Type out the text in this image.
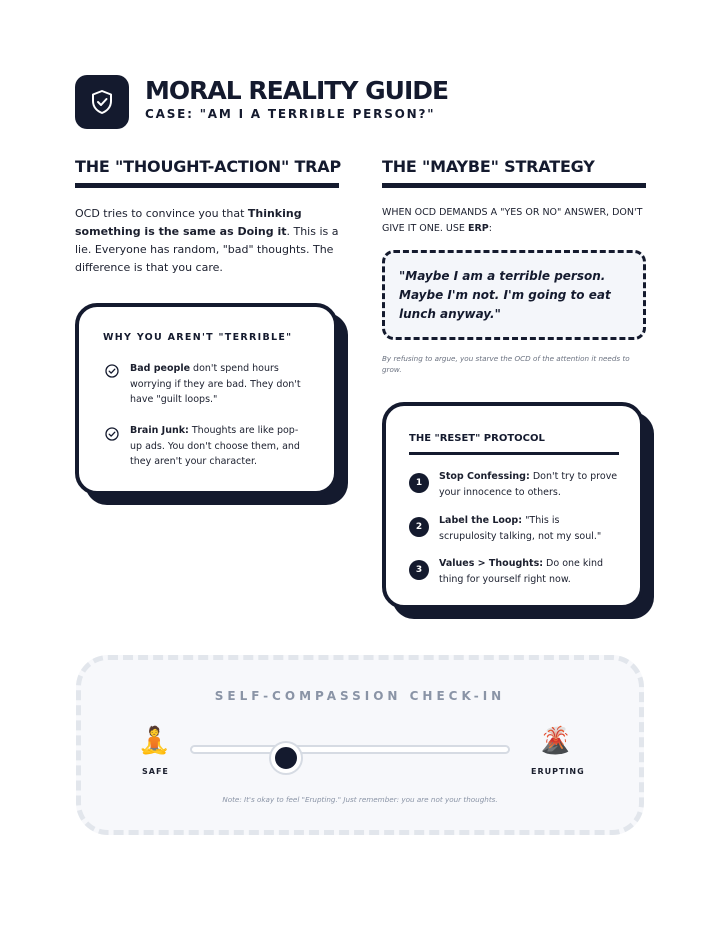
MORAL REALITY GUIDE
CASE: "AM I A TERRIBLE PERSON?"
THE "THOUGHT-ACTION" TRAP
OCD tries to convince you that Thinking something is the same as Doing it. This is a lie. Everyone has random, "bad" thoughts. The difference is that you care.
WHY YOU AREN'T "TERRIBLE"
Bad people don't spend hours worrying if they are bad. They don't have "guilt loops."
Brain Junk: Thoughts are like pop-up ads. You don't choose them, and they aren't your character.
THE "MAYBE" STRATEGY
WHEN OCD DEMANDS A "YES OR NO" ANSWER, DON'T GIVE IT ONE. USE ERP:
"Maybe I am a terrible person. Maybe I'm not. I'm going to eat lunch anyway."
By refusing to argue, you starve the OCD of the attention it needs to grow.
THE "RESET" PROTOCOL
1
Stop Confessing: Don't try to prove your innocence to others.
2
Label the Loop: "This is scrupulosity talking, not my soul."
3
Values > Thoughts: Do one kind thing for yourself right now.
SELF-COMPASSION CHECK-IN
🧘
SAFE
🌋
ERUPTING
Note: It's okay to feel "Erupting." Just remember: you are not your thoughts.
